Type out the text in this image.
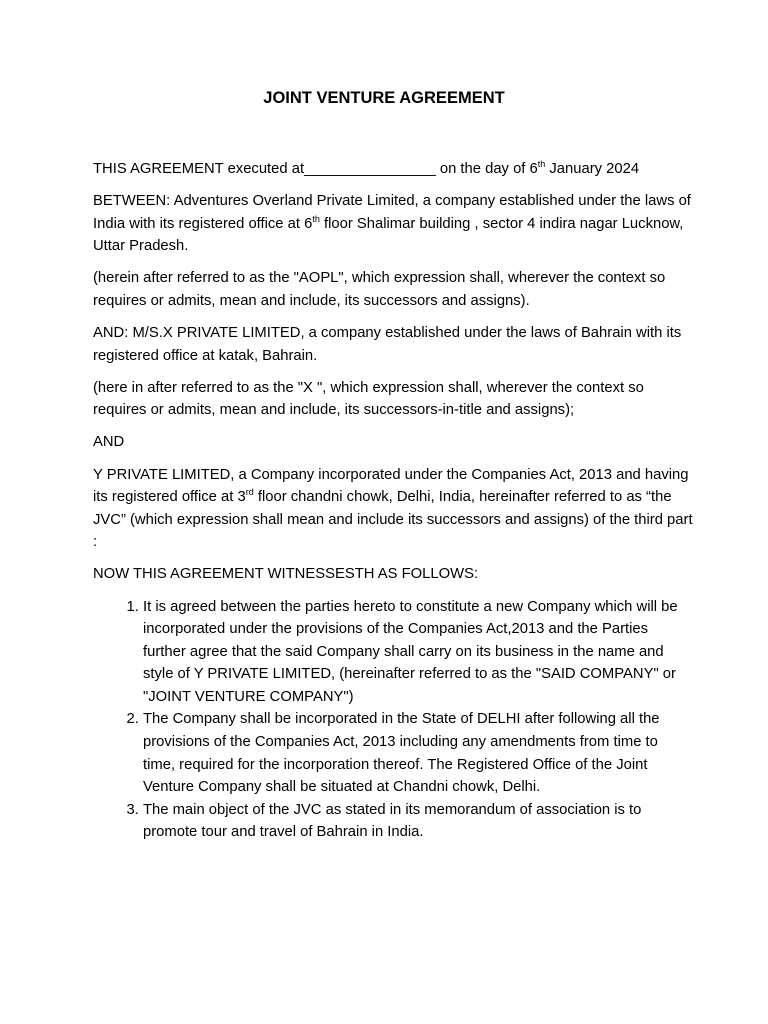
JOINT VENTURE AGREEMENT

THIS AGREEMENT executed at________________ on the day of 6th January 2024

BETWEEN: Adventures Overland Private Limited, a company established under the laws of India with its registered office at 6th floor Shalimar building , sector 4 indira nagar Lucknow, Uttar Pradesh.

(herein after referred to as the "AOPL", which expression shall, wherever the context so requires or admits, mean and include, its successors and assigns).

AND: M/S.X PRIVATE LIMITED, a company established under the laws of Bahrain with its registered office at katak, Bahrain.

(here in after referred to as the "X ", which expression shall, wherever the context so requires or admits, mean and include, its successors-in-title and assigns);

AND

Y PRIVATE LIMITED, a Company incorporated under the Companies Act, 2013 and having its registered office at 3rd floor chandni chowk, Delhi, India, hereinafter referred to as “the JVC” (which expression shall mean and include its successors and assigns) of the third part :

NOW THIS AGREEMENT WITNESSESTH AS FOLLOWS:

1. It is agreed between the parties hereto to constitute a new Company which will be incorporated under the provisions of the Companies Act,2013 and the Parties further agree that the said Company shall carry on its business in the name and style of Y PRIVATE LIMITED, (hereinafter referred to as the "SAID COMPANY" or "JOINT VENTURE COMPANY")
2. The Company shall be incorporated in the State of DELHI after following all the provisions of the Companies Act, 2013 including any amendments from time to time, required for the incorporation thereof. The Registered Office of the Joint Venture Company shall be situated at Chandni chowk, Delhi.
3. The main object of the JVC as stated in its memorandum of association is to promote tour and travel of Bahrain in India.
